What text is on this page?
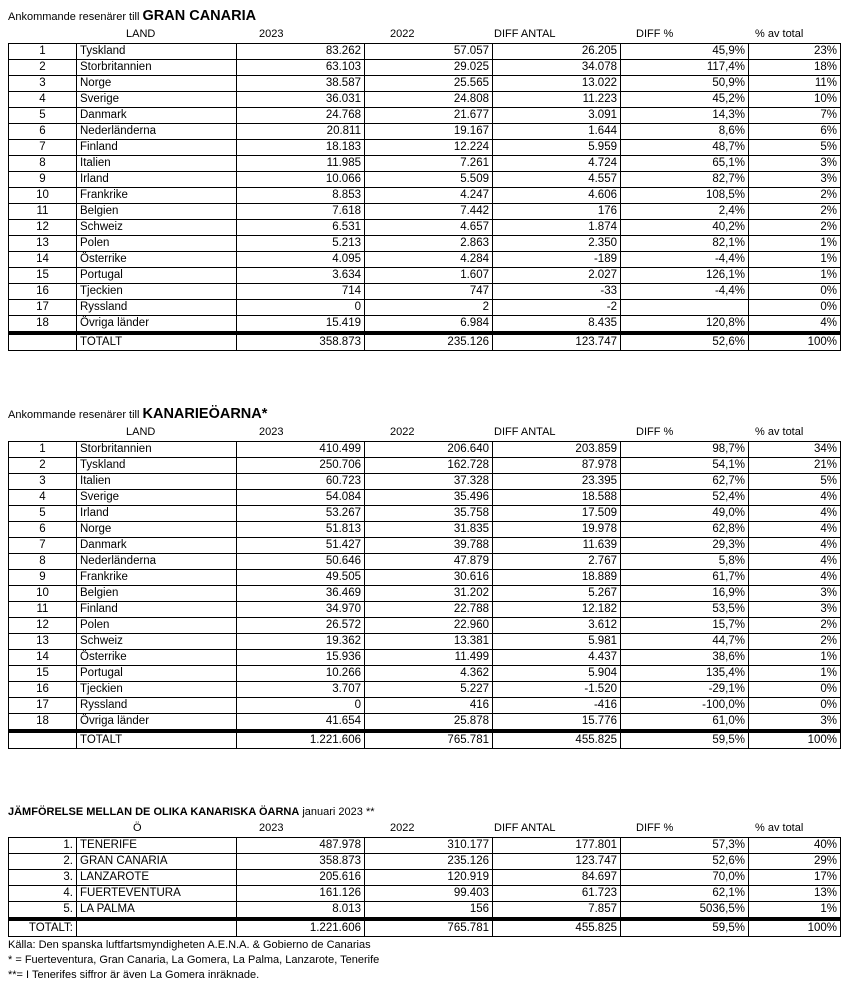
Ankommande resenärer till GRAN CANARIA
LAND	2023	2022	DIFF ANTAL	DIFF %	% av total
1	Tyskland	83.262	57.057	26.205	45,9%	23%
2	Storbritannien	63.103	29.025	34.078	117,4%	18%
3	Norge	38.587	25.565	13.022	50,9%	11%
4	Sverige	36.031	24.808	11.223	45,2%	10%
5	Danmark	24.768	21.677	3.091	14,3%	7%
6	Nederländerna	20.811	19.167	1.644	8,6%	6%
7	Finland	18.183	12.224	5.959	48,7%	5%
8	Italien	11.985	7.261	4.724	65,1%	3%
9	Irland	10.066	5.509	4.557	82,7%	3%
10	Frankrike	8.853	4.247	4.606	108,5%	2%
11	Belgien	7.618	7.442	176	2,4%	2%
12	Schweiz	6.531	4.657	1.874	40,2%	2%
13	Polen	5.213	2.863	2.350	82,1%	1%
14	Österrike	4.095	4.284	-189	-4,4%	1%
15	Portugal	3.634	1.607	2.027	126,1%	1%
16	Tjeckien	714	747	-33	-4,4%	0%
17	Ryssland	0	2	-2		0%
18	Övriga länder	15.419	6.984	8.435	120,8%	4%
	TOTALT	358.873	235.126	123.747	52,6%	100%
Ankommande resenärer till KANARIEÖARNA*
LAND	2023	2022	DIFF ANTAL	DIFF %	% av total
1	Storbritannien	410.499	206.640	203.859	98,7%	34%
2	Tyskland	250.706	162.728	87.978	54,1%	21%
3	Italien	60.723	37.328	23.395	62,7%	5%
4	Sverige	54.084	35.496	18.588	52,4%	4%
5	Irland	53.267	35.758	17.509	49,0%	4%
6	Norge	51.813	31.835	19.978	62,8%	4%
7	Danmark	51.427	39.788	11.639	29,3%	4%
8	Nederländerna	50.646	47.879	2.767	5,8%	4%
9	Frankrike	49.505	30.616	18.889	61,7%	4%
10	Belgien	36.469	31.202	5.267	16,9%	3%
11	Finland	34.970	22.788	12.182	53,5%	3%
12	Polen	26.572	22.960	3.612	15,7%	2%
13	Schweiz	19.362	13.381	5.981	44,7%	2%
14	Österrike	15.936	11.499	4.437	38,6%	1%
15	Portugal	10.266	4.362	5.904	135,4%	1%
16	Tjeckien	3.707	5.227	-1.520	-29,1%	0%
17	Ryssland	0	416	-416	-100,0%	0%
18	Övriga länder	41.654	25.878	15.776	61,0%	3%
	TOTALT	1.221.606	765.781	455.825	59,5%	100%
JÄMFÖRELSE MELLAN DE OLIKA KANARISKA ÖARNA januari 2023 **
Ö	2023	2022	DIFF ANTAL	DIFF %	% av total
1.	TENERIFE	487.978	310.177	177.801	57,3%	40%
2.	GRAN CANARIA	358.873	235.126	123.747	52,6%	29%
3.	LANZAROTE	205.616	120.919	84.697	70,0%	17%
4.	FUERTEVENTURA	161.126	99.403	61.723	62,1%	13%
5.	LA PALMA	8.013	156	7.857	5036,5%	1%
TOTALT:		1.221.606	765.781	455.825	59,5%	100%
Källa: Den spanska luftfartsmyndigheten A.E.N.A. & Gobierno de Canarias
* = Fuerteventura, Gran Canaria, La Gomera, La Palma, Lanzarote, Tenerife
**= I Tenerifes siffror är även La Gomera inräknade.
